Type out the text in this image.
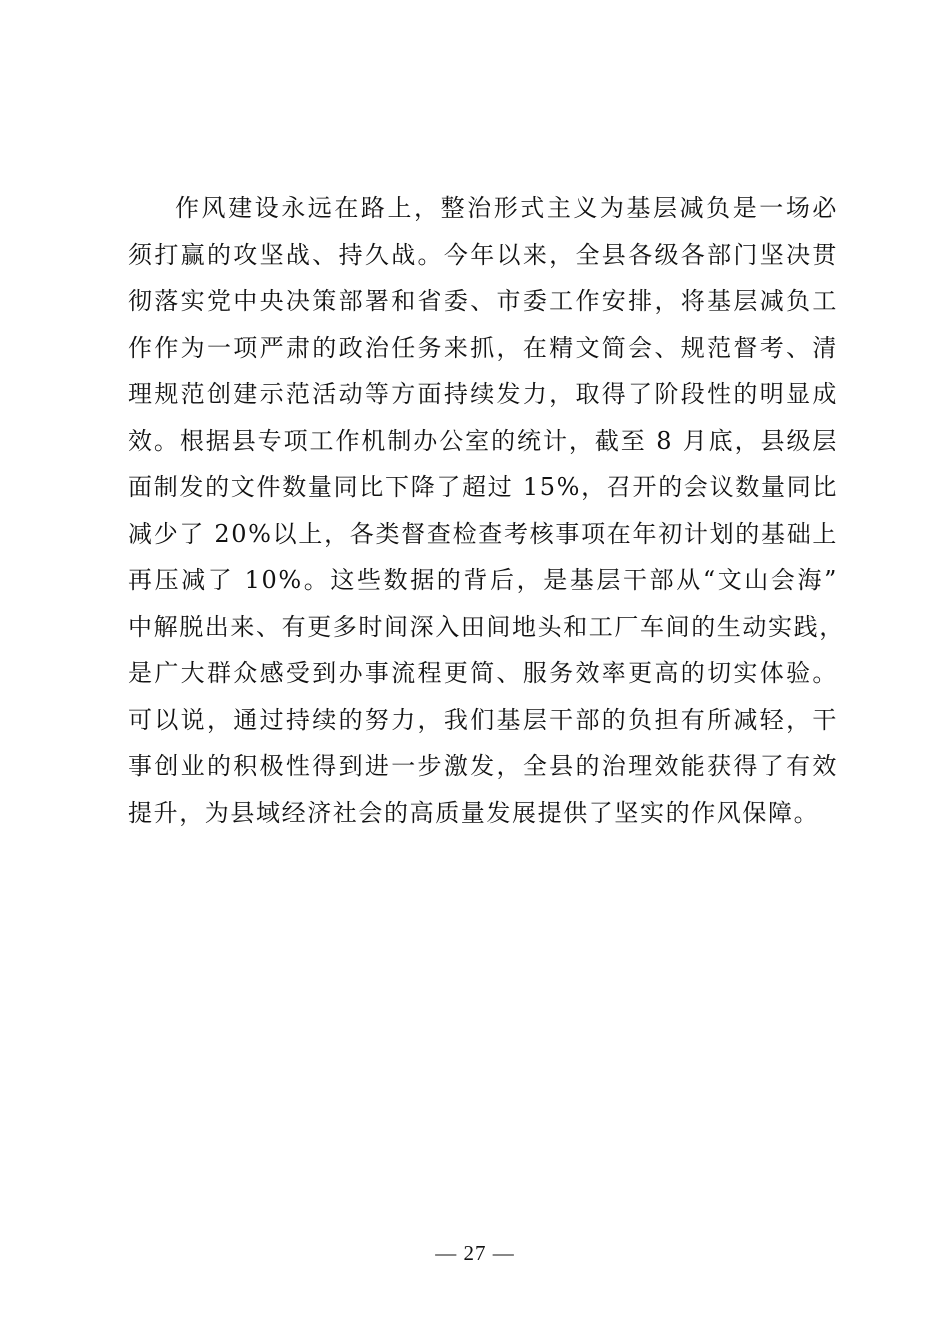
作风建设永远在路上，整治形式主义为基层减负是一场必
须打赢的攻坚战、持久战。今年以来，全县各级各部门坚决贯
彻落实党中央决策部署和省委、市委工作安排，将基层减负工
作作为一项严肃的政治任务来抓，在精文简会、规范督考、清
理规范创建示范活动等方面持续发力，取得了阶段性的明显成
效。根据县专项工作机制办公室的统计，截至 8 月底，县级层
面制发的文件数量同比下降了超过 15%，召开的会议数量同比
减少了 20%以上，各类督查检查考核事项在年初计划的基础上
再压减了 10%。这些数据的背后，是基层干部从“文山会海”
中解脱出来、有更多时间深入田间地头和工厂车间的生动实践，
是广大群众感受到办事流程更简、服务效率更高的切实体验。
可以说，通过持续的努力，我们基层干部的负担有所减轻，干
事创业的积极性得到进一步激发，全县的治理效能获得了有效
提升，为县域经济社会的高质量发展提供了坚实的作风保障。
— 27 —
